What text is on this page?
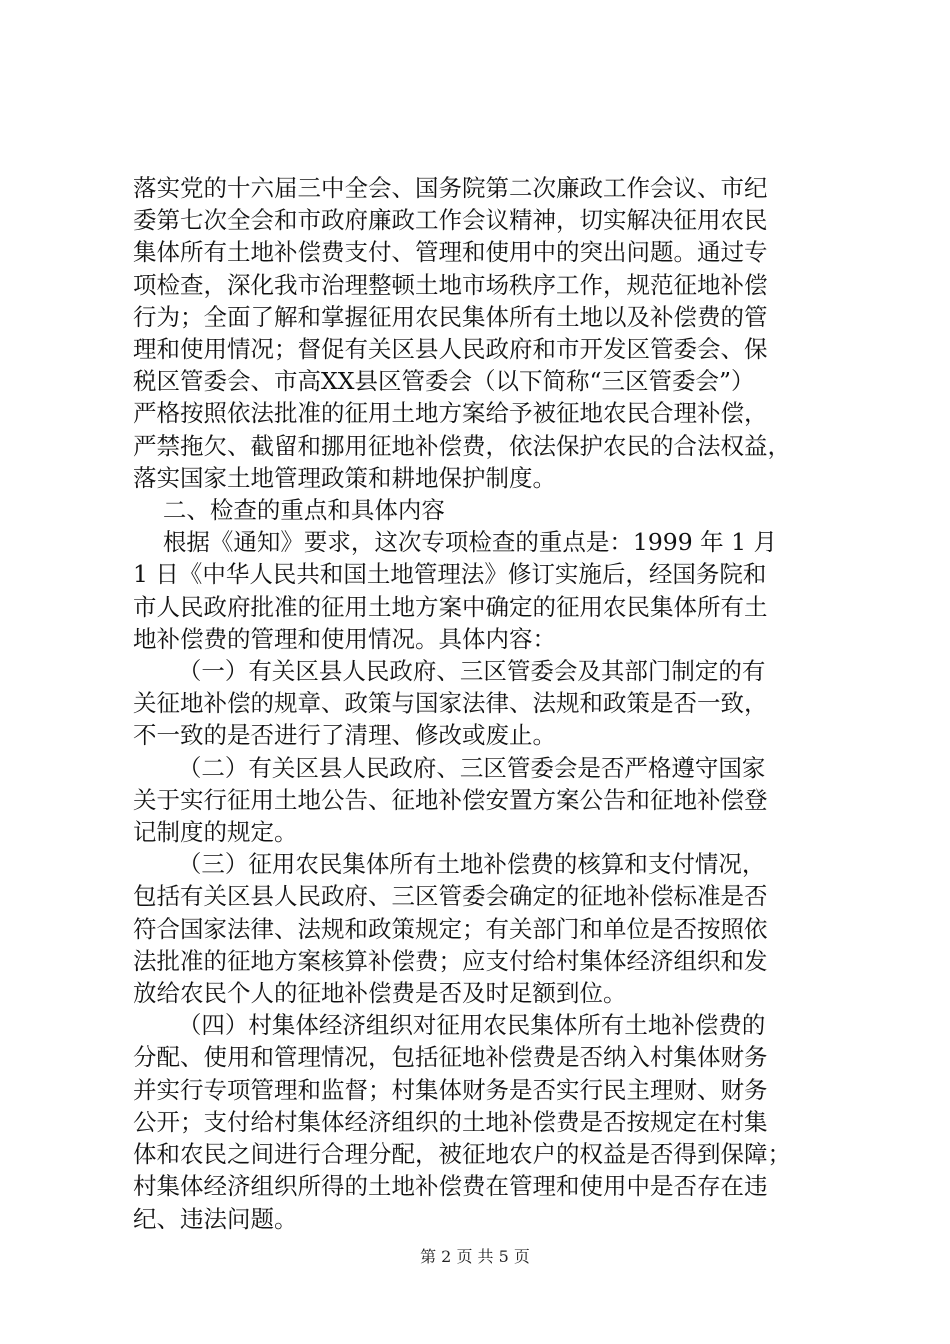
落实党的十六届三中全会、国务院第二次廉政工作会议、市纪

委第七次全会和市政府廉政工作会议精神，切实解决征用农民

集体所有土地补偿费支付、管理和使用中的突出问题。通过专

项检查，深化我市治理整顿土地市场秩序工作，规范征地补偿

行为；全面了解和掌握征用农民集体所有土地以及补偿费的管

理和使用情况；督促有关区县人民政府和市开发区管委会、保

税区管委会、市高XX县区管委会（以下简称“三区管委会”）

严格按照依法批准的征用土地方案给予被征地农民合理补偿，

严禁拖欠、截留和挪用征地补偿费，依法保护农民的合法权益，

落实国家土地管理政策和耕地保护制度。

二、检查的重点和具体内容

根据《通知》要求，这次专项检查的重点是：1999 年 1 月

1 日《中华人民共和国土地管理法》修订实施后，经国务院和

市人民政府批准的征用土地方案中确定的征用农民集体所有土

地补偿费的管理和使用情况。具体内容：

（一）有关区县人民政府、三区管委会及其部门制定的有

关征地补偿的规章、政策与国家法律、法规和政策是否一致，

不一致的是否进行了清理、修改或废止。

（二）有关区县人民政府、三区管委会是否严格遵守国家

关于实行征用土地公告、征地补偿安置方案公告和征地补偿登

记制度的规定。

（三）征用农民集体所有土地补偿费的核算和支付情况，

包括有关区县人民政府、三区管委会确定的征地补偿标准是否

符合国家法律、法规和政策规定；有关部门和单位是否按照依

法批准的征地方案核算补偿费；应支付给村集体经济组织和发

放给农民个人的征地补偿费是否及时足额到位。

（四）村集体经济组织对征用农民集体所有土地补偿费的

分配、使用和管理情况，包括征地补偿费是否纳入村集体财务

并实行专项管理和监督；村集体财务是否实行民主理财、财务

公开；支付给村集体经济组织的土地补偿费是否按规定在村集

体和农民之间进行合理分配，被征地农户的权益是否得到保障；

村集体经济组织所得的土地补偿费在管理和使用中是否存在违

纪、违法问题。

第 2 页 共 5 页
